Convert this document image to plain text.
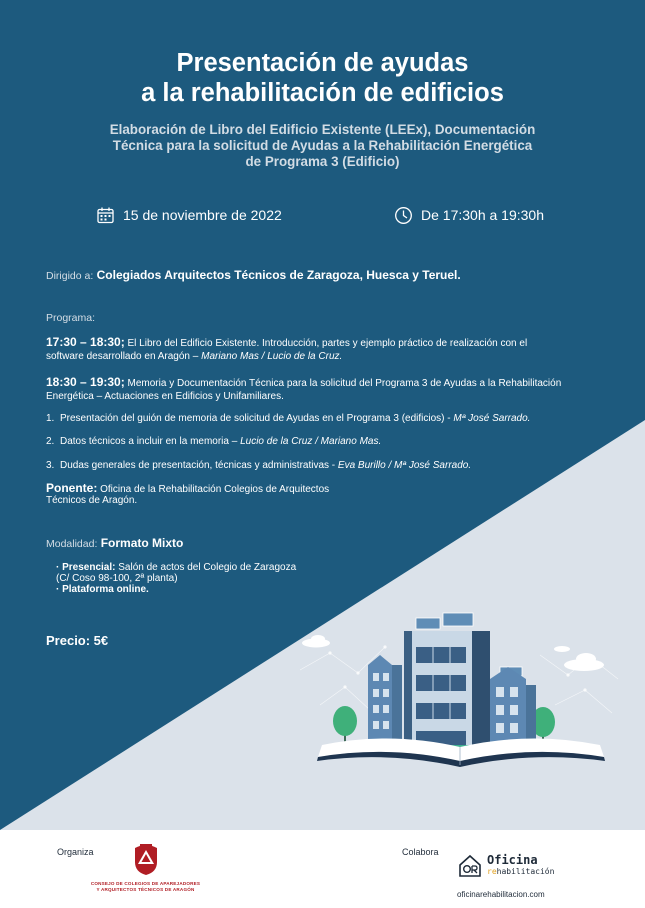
Presentación de ayudas
a la rehabilitación de edificios
Elaboración de Libro del Edificio Existente (LEEx), Documentación
Técnica para la solicitud de Ayudas a la Rehabilitación Energética
de Programa 3 (Edificio)
15 de noviembre de 2022	De 17:30h a 19:30h
Dirigido a: Colegiados Arquitectos Técnicos de Zaragoza, Huesca y Teruel.
Programa:
17:30 – 18:30; El Libro del Edificio Existente. Introducción, partes y ejemplo práctico de realización con el
software desarrollado en Aragón – Mariano Mas / Lucio de la Cruz.
18:30 – 19:30; Memoria y Documentación Técnica para la solicitud del Programa 3 de Ayudas a la Rehabilitación
Energética – Actuaciones en Edificios y Unifamiliares.
1. Presentación del guión de memoria de solicitud de Ayudas en el Programa 3 (edificios) - Mª José Sarrado.
2. Datos técnicos a incluir en la memoria – Lucio de la Cruz / Mariano Mas.
3. Dudas generales de presentación, técnicas y administrativas - Eva Burillo / Mª José Sarrado.
Ponente: Oficina de la Rehabilitación Colegios de Arquitectos
Técnicos de Aragón.
Modalidad: Formato Mixto
· Presencial: Salón de actos del Colegio de Zaragoza
(C/ Coso 98-100, 2ª planta)
· Plataforma online.
Precio: 5€
Organiza
CONSEJO DE COLEGIOS DE APAREJADORES
Y ARQUITECTOS TÉCNICOS DE ARAGÓN
Colabora
Oficina
rehabilitación
oficinarehabilitacion.com
